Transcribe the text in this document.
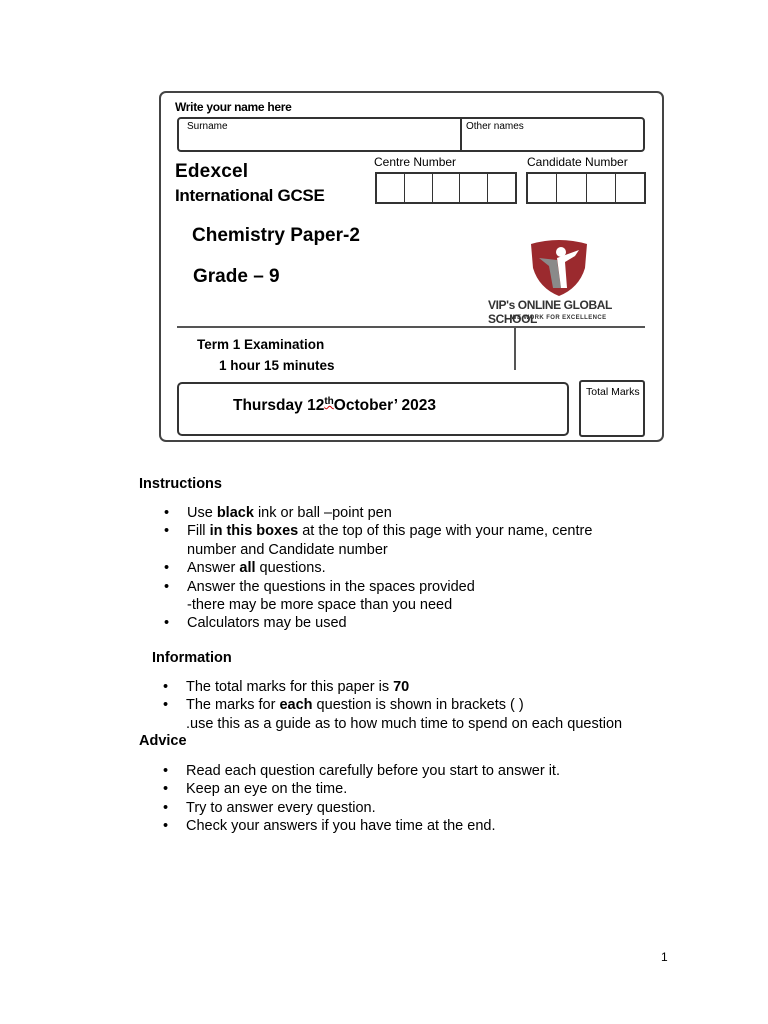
Write your name here
Surname	Other names
Edexcel
International GCSE
Centre Number	Candidate Number
Chemistry Paper-2
Grade – 9
VIP's ONLINE GLOBAL SCHOOL
WE WORK FOR EXCELLENCE
Term 1 Examination
1 hour 15 minutes
Thursday 12thOctober’ 2023
Total Marks
Instructions
• Use black ink or ball –point pen
• Fill in this boxes at the top of this page with your name, centre
number and Candidate number
• Answer all questions.
• Answer the questions in the spaces provided
-there may be more space than you need
• Calculators may be used
Information
• The total marks for this paper is 70
• The marks for each question is shown in brackets ( )
.use this as a guide as to how much time to spend on each question
Advice
• Read each question carefully before you start to answer it.
• Keep an eye on the time.
• Try to answer every question.
• Check your answers if you have time at the end.
1
